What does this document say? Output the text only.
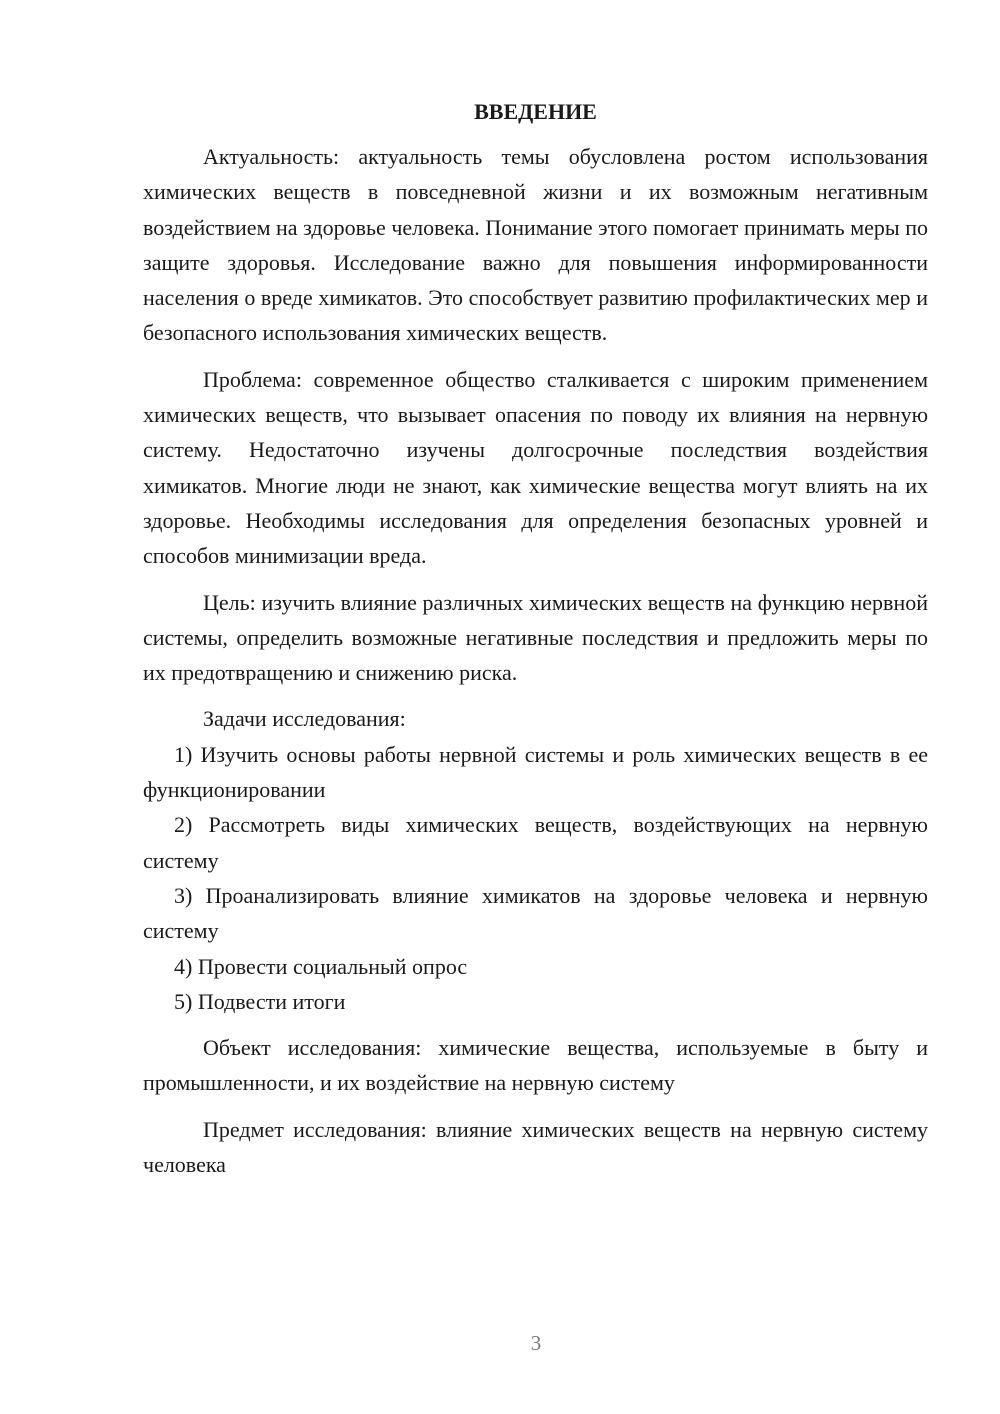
ВВЕДЕНИЕ

Актуальность: актуальность темы обусловлена ростом использования химических веществ в повседневной жизни и их возможным негативным воздействием на здоровье человека. Понимание этого помогает принимать меры по защите здоровья. Исследование важно для повышения информированности населения о вреде химикатов. Это способствует развитию профилактических мер и безопасного использования химических веществ.

Проблема: современное общество сталкивается с широким применением химических веществ, что вызывает опасения по поводу их влияния на нервную систему. Недостаточно изучены долгосрочные последствия воздействия химикатов. Многие люди не знают, как химические вещества могут влиять на их здоровье. Необходимы исследования для определения безопасных уровней и способов минимизации вреда.

Цель: изучить влияние различных химических веществ на функцию нервной системы, определить возможные негативные последствия и предложить меры по их предотвращению и снижению риска.

Задачи исследования:

1) Изучить основы работы нервной системы и роль химических веществ в ее функционировании

2) Рассмотреть виды химических веществ, воздействующих на нервную систему

3) Проанализировать влияние химикатов на здоровье человека и нервную систему

4) Провести социальный опрос

5) Подвести итоги

Объект исследования: химические вещества, используемые в быту и промышленности, и их воздействие на нервную систему

Предмет исследования: влияние химических веществ на нервную систему человека

3
